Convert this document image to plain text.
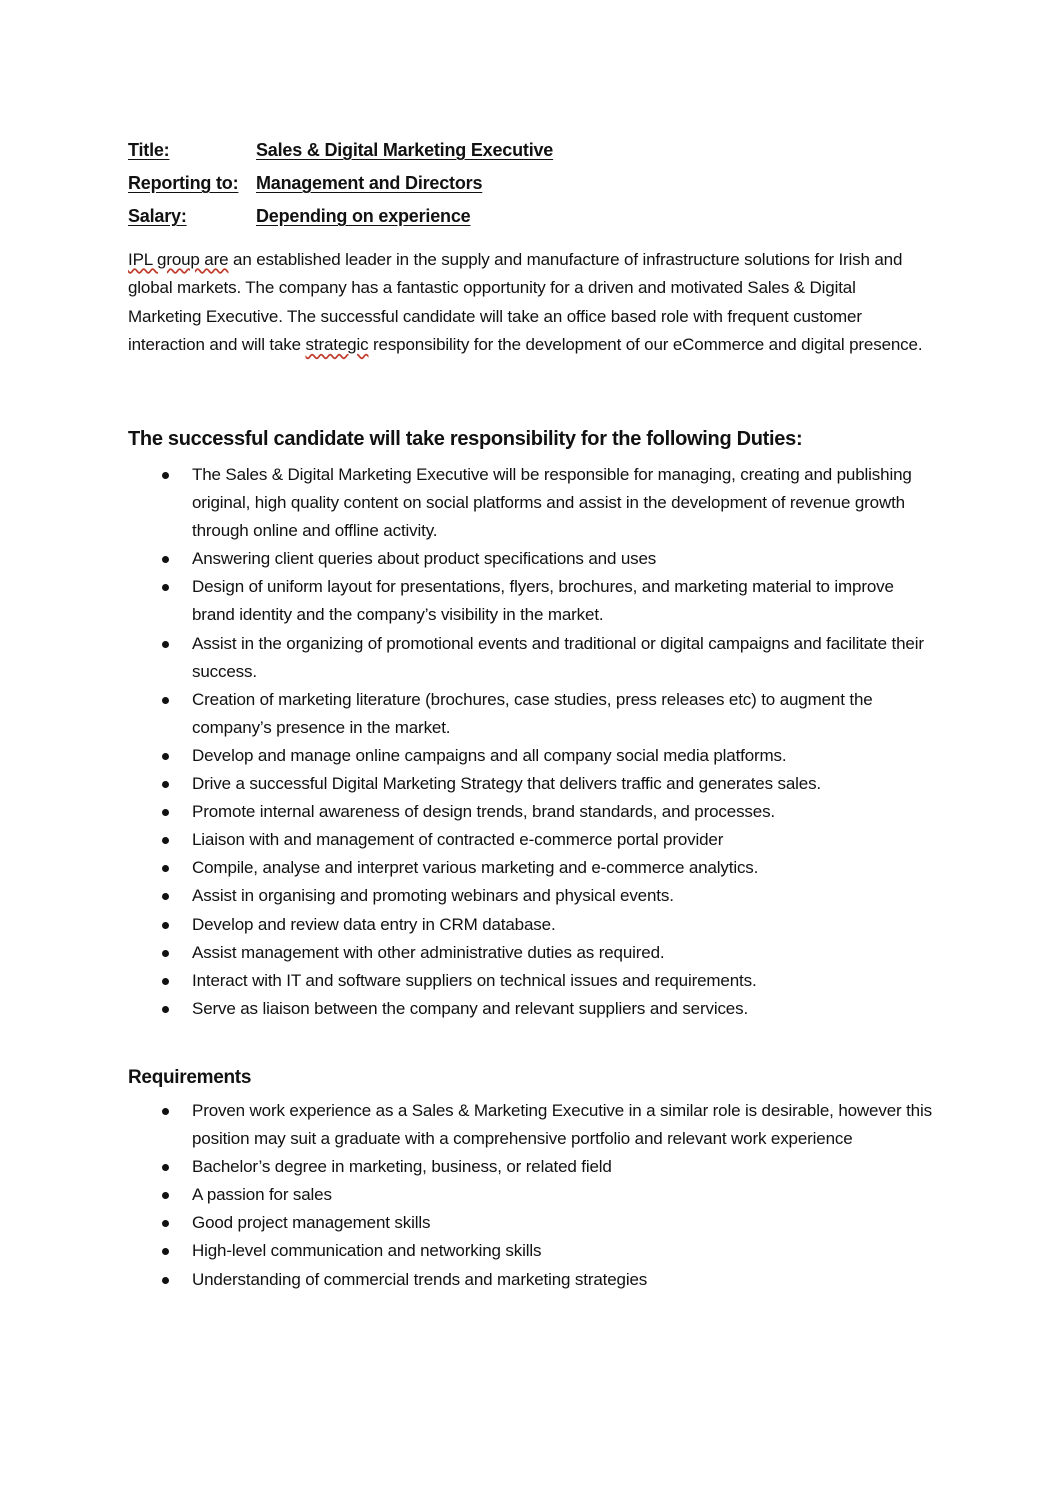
Title:	Sales & Digital Marketing Executive
Reporting to: Management and Directors
Salary:	Depending on experience

IPL group are an established leader in the supply and manufacture of infrastructure solutions for Irish and global markets. The company has a fantastic opportunity for a driven and motivated Sales & Digital Marketing Executive. The successful candidate will take an office based role with frequent customer interaction and will take strategic responsibility for the development of our eCommerce and digital presence.

The successful candidate will take responsibility for the following Duties:
The Sales & Digital Marketing Executive will be responsible for managing, creating and publishing original, high quality content on social platforms and assist in the development of revenue growth through online and offline activity.
Answering client queries about product specifications and uses
Design of uniform layout for presentations, flyers, brochures, and marketing material to improve brand identity and the company’s visibility in the market.
Assist in the organizing of promotional events and traditional or digital campaigns and facilitate their success.
Creation of marketing literature (brochures, case studies, press releases etc) to augment the company’s presence in the market.
Develop and manage online campaigns and all company social media platforms.
Drive a successful Digital Marketing Strategy that delivers traffic and generates sales.
Promote internal awareness of design trends, brand standards, and processes.
Liaison with and management of contracted e-commerce portal provider
Compile, analyse and interpret various marketing and e-commerce analytics.
Assist in organising and promoting webinars and physical events.
Develop and review data entry in CRM database.
Assist management with other administrative duties as required.
Interact with IT and software suppliers on technical issues and requirements.
Serve as liaison between the company and relevant suppliers and services.
Requirements
Proven work experience as a Sales & Marketing Executive in a similar role is desirable, however this position may suit a graduate with a comprehensive portfolio and relevant work experience
Bachelor’s degree in marketing, business, or related field
A passion for sales
Good project management skills
High-level communication and networking skills
Understanding of commercial trends and marketing strategies
